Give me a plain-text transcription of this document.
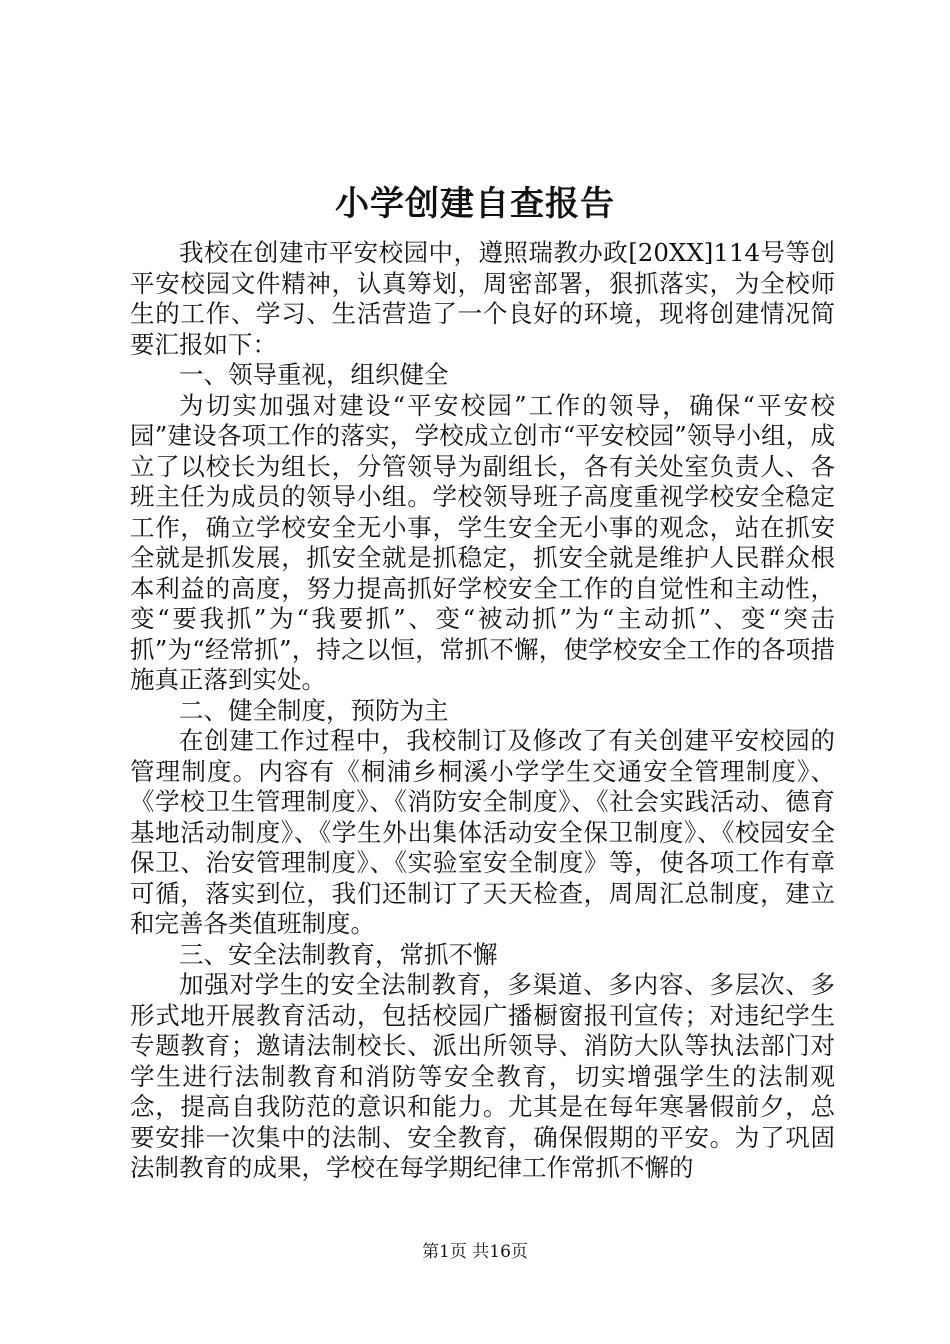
小学创建自查报告

我校在创建市平安校园中，遵照瑞教办政[20XX]114号等创平安校园文件精神，认真筹划，周密部署，狠抓落实，为全校师生的工作、学习、生活营造了一个良好的环境，现将创建情况简要汇报如下：

一、领导重视，组织健全

为切实加强对建设“平安校园”工作的领导，确保“平安校园”建设各项工作的落实，学校成立创市“平安校园”领导小组，成立了以校长为组长，分管领导为副组长，各有关处室负责人、各班主任为成员的领导小组。学校领导班子高度重视学校安全稳定工作，确立学校安全无小事，学生安全无小事的观念，站在抓安全就是抓发展，抓安全就是抓稳定，抓安全就是维护人民群众根本利益的高度，努力提高抓好学校安全工作的自觉性和主动性，变“要我抓”为“我要抓”、变“被动抓”为“主动抓”、变“突击抓”为“经常抓”，持之以恒，常抓不懈，使学校安全工作的各项措施真正落到实处。

二、健全制度，预防为主

在创建工作过程中，我校制订及修改了有关创建平安校园的管理制度。内容有《桐浦乡桐溪小学学生交通安全管理制度》、《学校卫生管理制度》、《消防安全制度》、《社会实践活动、德育基地活动制度》、《学生外出集体活动安全保卫制度》、《校园安全保卫、治安管理制度》、《实验室安全制度》等，使各项工作有章可循，落实到位，我们还制订了天天检查，周周汇总制度，建立和完善各类值班制度。

三、安全法制教育，常抓不懈

加强对学生的安全法制教育，多渠道、多内容、多层次、多形式地开展教育活动，包括校园广播橱窗报刊宣传；对违纪学生专题教育；邀请法制校长、派出所领导、消防大队等执法部门对学生进行法制教育和消防等安全教育，切实增强学生的法制观念，提高自我防范的意识和能力。尤其是在每年寒暑假前夕，总要安排一次集中的法制、安全教育，确保假期的平安。为了巩固法制教育的成果，学校在每学期纪律工作常抓不懈的

第1页 共16页
